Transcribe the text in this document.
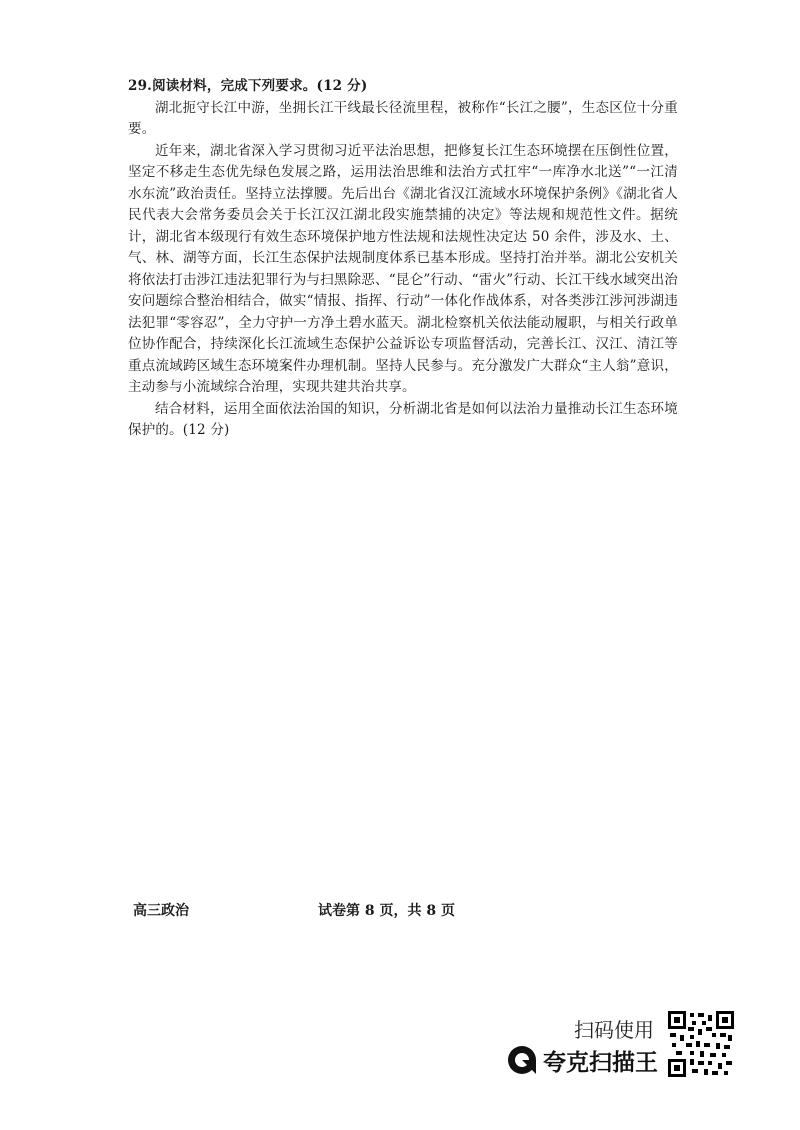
29.阅读材料，完成下列要求。(12 分)

湖北扼守长江中游，坐拥长江干线最长径流里程，被称作“长江之腰”，生态区位十分重要。

近年来，湖北省深入学习贯彻习近平法治思想，把修复长江生态环境摆在压倒性位置，坚定不移走生态优先绿色发展之路，运用法治思维和法治方式扛牢“一库净水北送”“一江清水东流”政治责任。坚持立法撑腰。先后出台《湖北省汉江流域水环境保护条例》《湖北省人民代表大会常务委员会关于长江汉江湖北段实施禁捕的决定》等法规和规范性文件。据统计，湖北省本级现行有效生态环境保护地方性法规和法规性决定达 50 余件，涉及水、土、气、林、湖等方面，长江生态保护法规制度体系已基本形成。坚持打治并举。湖北公安机关将依法打击涉江违法犯罪行为与扫黑除恶、“昆仑”行动、“雷火”行动、长江干线水域突出治安问题综合整治相结合，做实“情报、指挥、行动”一体化作战体系，对各类涉江涉河涉湖违法犯罪“零容忍”，全力守护一方净土碧水蓝天。湖北检察机关依法能动履职，与相关行政单位协作配合，持续深化长江流域生态保护公益诉讼专项监督活动，完善长江、汉江、清江等重点流域跨区域生态环境案件办理机制。坚持人民参与。充分激发广大群众“主人翁”意识，主动参与小流域综合治理，实现共建共治共享。

结合材料，运用全面依法治国的知识，分析湖北省是如何以法治力量推动长江生态环境保护的。(12 分)

高三政治	试卷第 8 页，共 8 页
扫码使用
夸克扫描王
